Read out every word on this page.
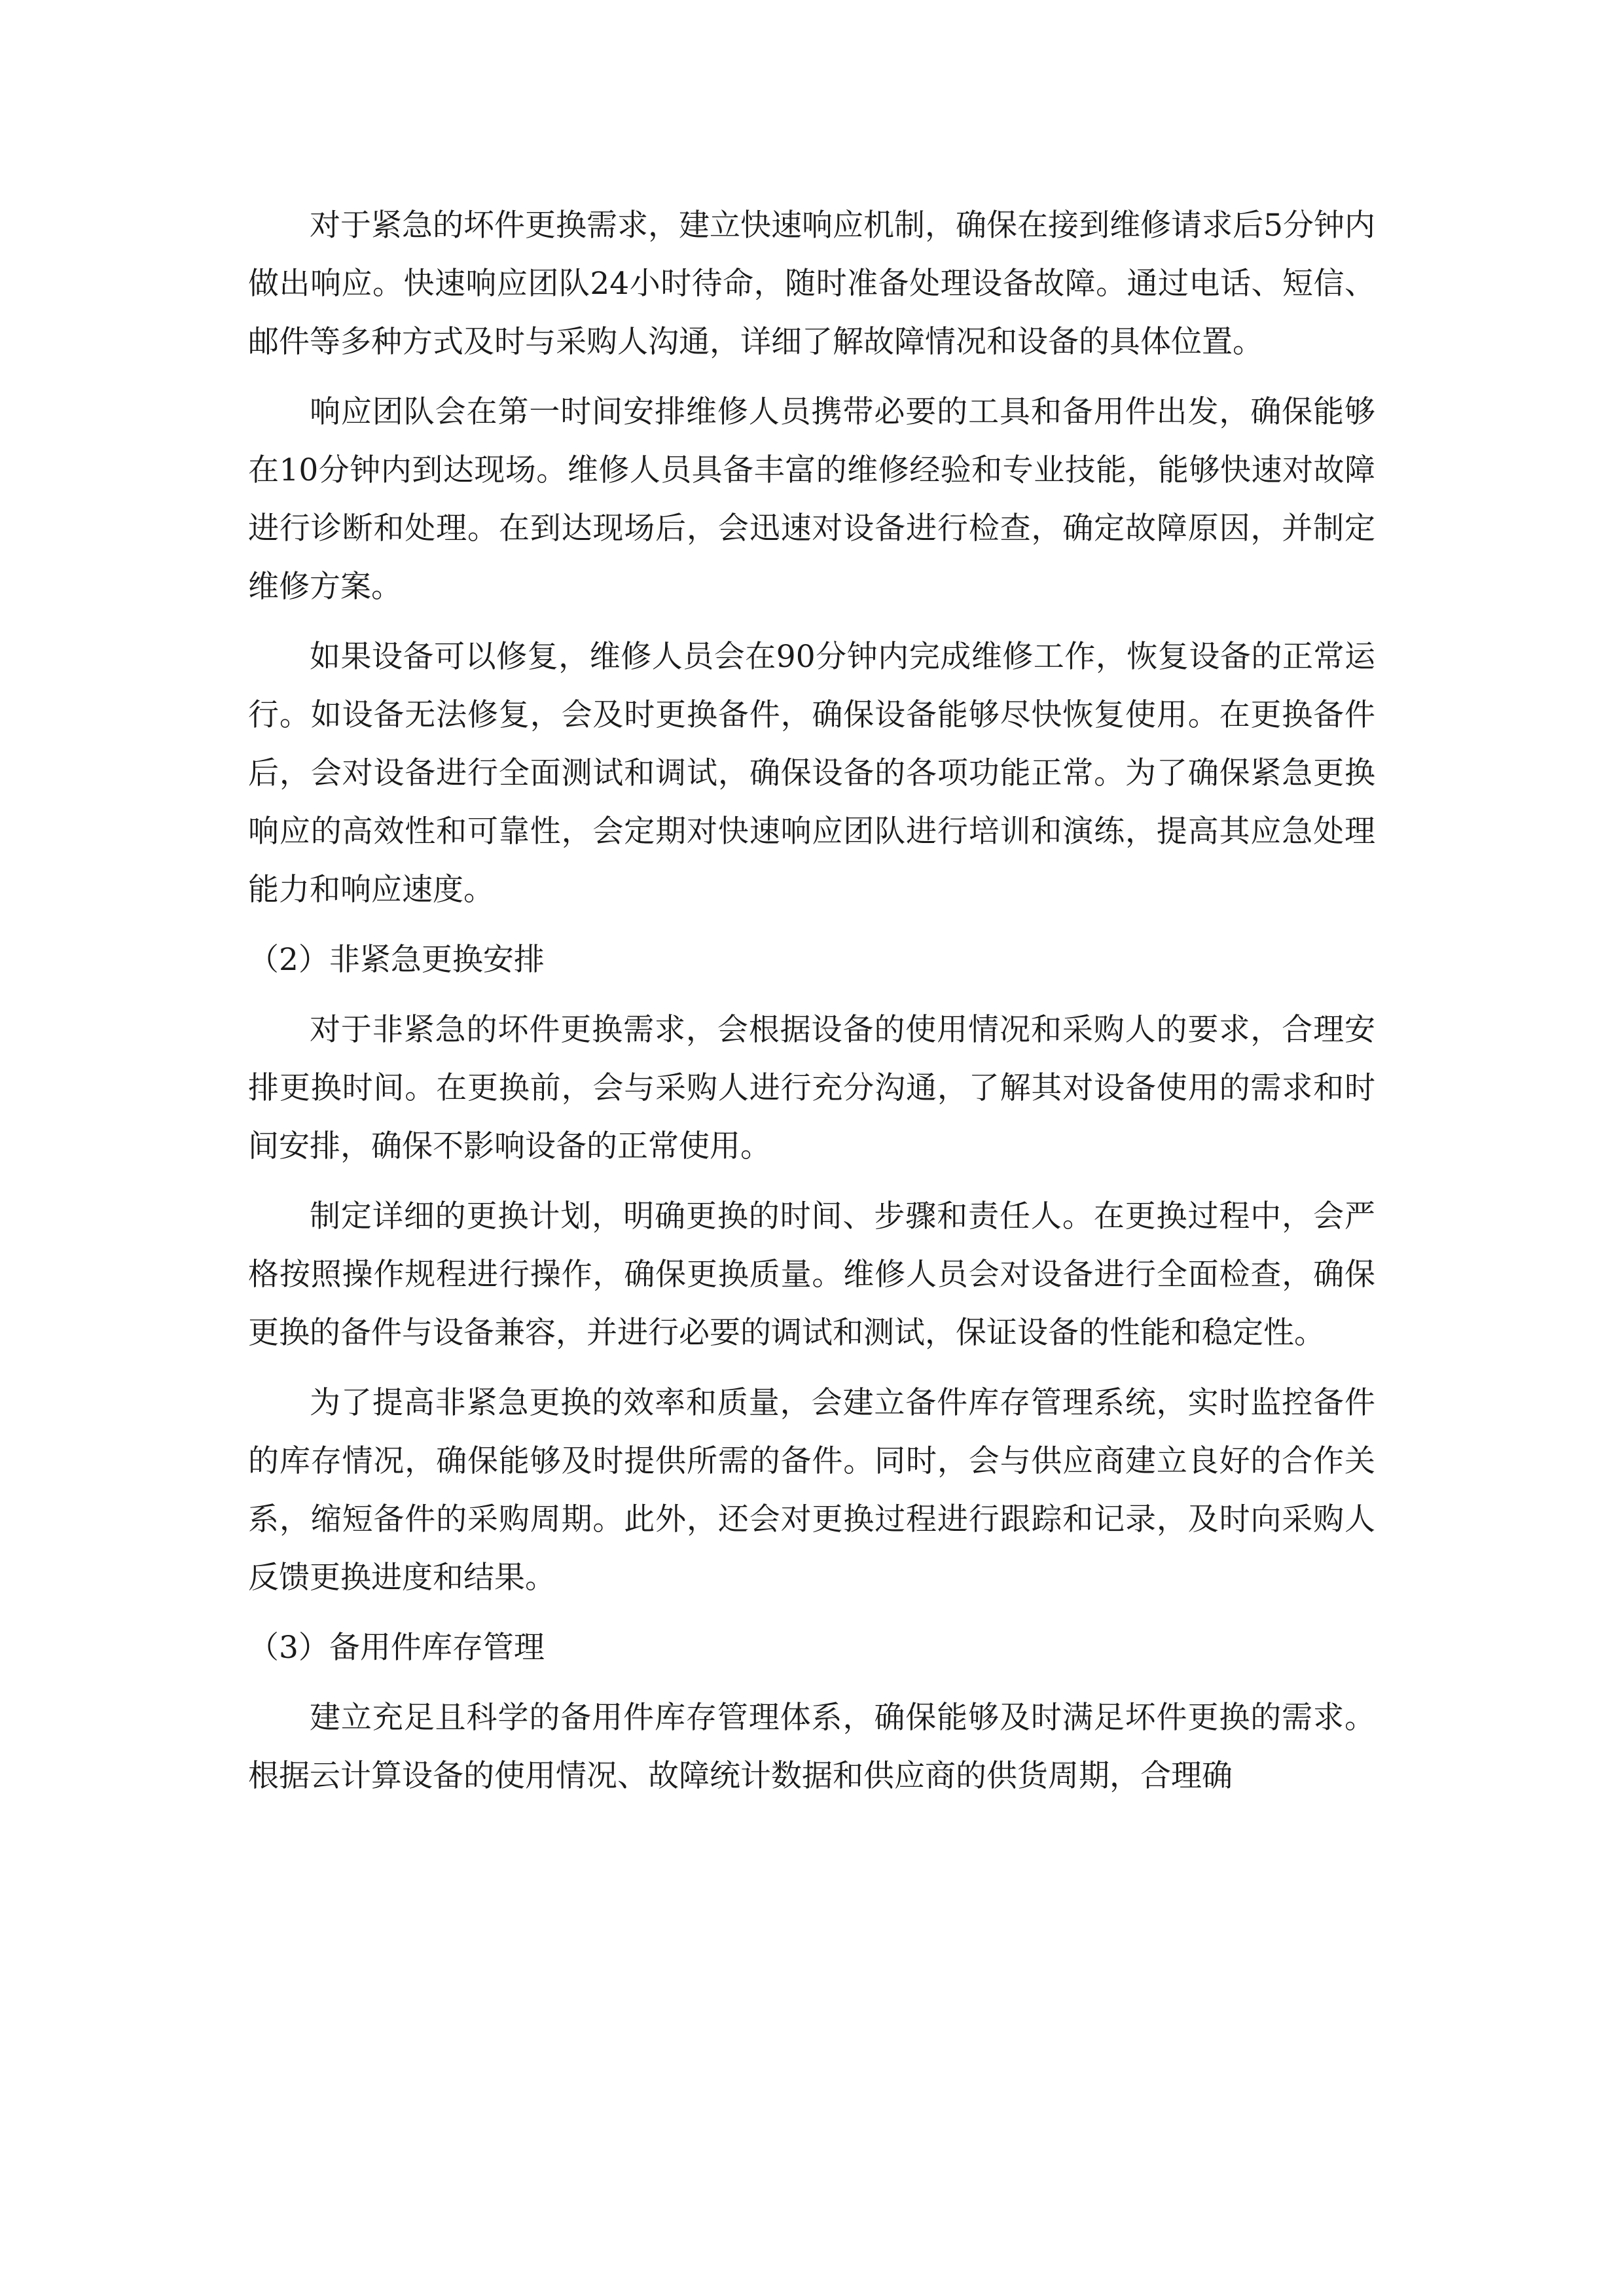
对于紧急的坏件更换需求，建立快速响应机制，确保在接到维修请求后5分钟内做出响应。快速响应团队24小时待命，随时准备处理设备故障。通过电话、短信、邮件等多种方式及时与采购人沟通，详细了解故障情况和设备的具体位置。

响应团队会在第一时间安排维修人员携带必要的工具和备用件出发，确保能够在10分钟内到达现场。维修人员具备丰富的维修经验和专业技能，能够快速对故障进行诊断和处理。在到达现场后，会迅速对设备进行检查，确定故障原因，并制定维修方案。

如果设备可以修复，维修人员会在90分钟内完成维修工作，恢复设备的正常运行。如设备无法修复，会及时更换备件，确保设备能够尽快恢复使用。在更换备件后，会对设备进行全面测试和调试，确保设备的各项功能正常。为了确保紧急更换响应的高效性和可靠性，会定期对快速响应团队进行培训和演练，提高其应急处理能力和响应速度。

（2）非紧急更换安排

对于非紧急的坏件更换需求，会根据设备的使用情况和采购人的要求，合理安排更换时间。在更换前，会与采购人进行充分沟通，了解其对设备使用的需求和时间安排，确保不影响设备的正常使用。

制定详细的更换计划，明确更换的时间、步骤和责任人。在更换过程中，会严格按照操作规程进行操作，确保更换质量。维修人员会对设备进行全面检查，确保更换的备件与设备兼容，并进行必要的调试和测试，保证设备的性能和稳定性。

为了提高非紧急更换的效率和质量，会建立备件库存管理系统，实时监控备件的库存情况，确保能够及时提供所需的备件。同时，会与供应商建立良好的合作关系，缩短备件的采购周期。此外，还会对更换过程进行跟踪和记录，及时向采购人反馈更换进度和结果。

（3）备用件库存管理

建立充足且科学的备用件库存管理体系，确保能够及时满足坏件更换的需求。根据云计算设备的使用情况、故障统计数据和供应商的供货周期，合理确
